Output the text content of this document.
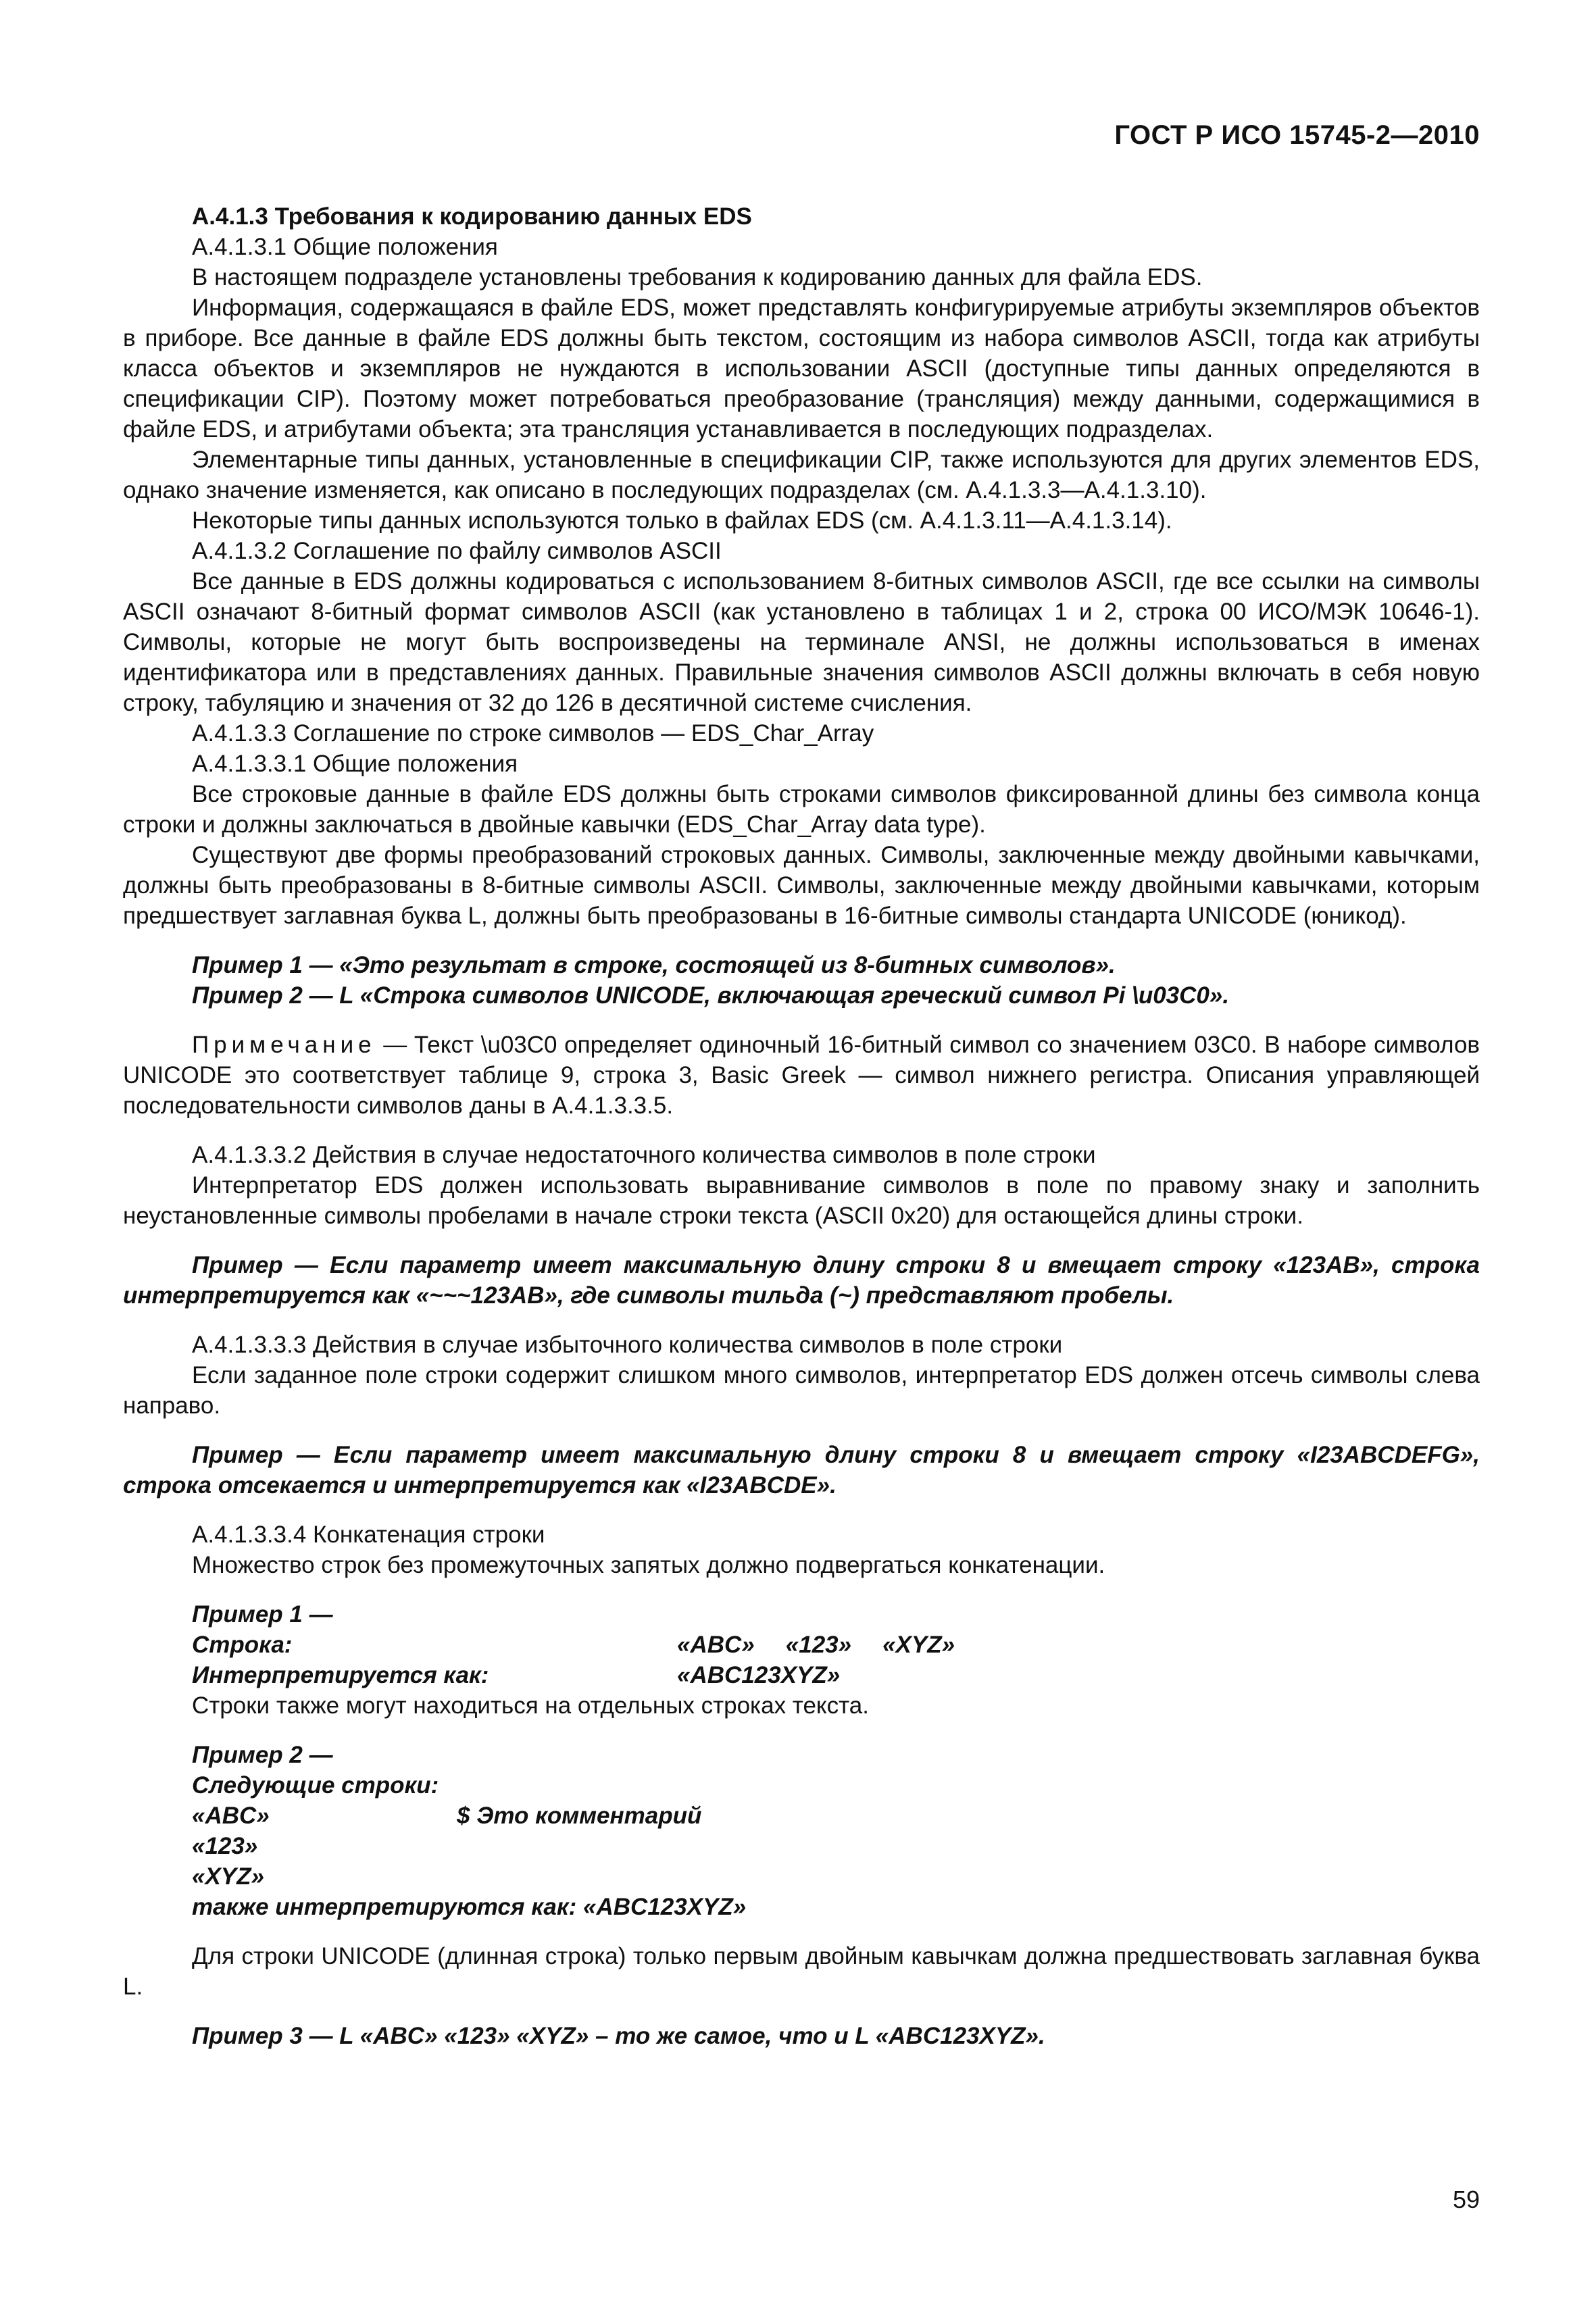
ГОСТ Р ИСО 15745-2—2010

А.4.1.3 Требования к кодированию данных EDS

А.4.1.3.1 Общие положения

В настоящем подразделе установлены требования к кодированию данных для файла EDS.

Информация, содержащаяся в файле EDS, может представлять конфигурируемые атрибуты экземпляров объектов в приборе. Все данные в файле EDS должны быть текстом, состоящим из набора символов ASCII, тогда как атрибуты класса объектов и экземпляров не нуждаются в использовании ASCII (доступные типы данных определяются в спецификации CIP). Поэтому может потребоваться преобразование (трансляция) между данными, содержащимися в файле EDS, и атрибутами объекта; эта трансляция устанавливается в последующих подразделах.

Элементарные типы данных, установленные в спецификации CIP, также используются для других элементов EDS, однако значение изменяется, как описано в последующих подразделах (см. А.4.1.3.3—А.4.1.3.10).

Некоторые типы данных используются только в файлах EDS (см. А.4.1.3.11—А.4.1.3.14).

А.4.1.3.2 Соглашение по файлу символов ASCII

Все данные в EDS должны кодироваться с использованием 8-битных символов ASCII, где все ссылки на символы ASCII означают 8-битный формат символов ASCII (как установлено в таблицах 1 и 2, строка 00 ИСО/МЭК 10646-1). Символы, которые не могут быть воспроизведены на терминале ANSI, не должны использоваться в именах идентификатора или в представлениях данных. Правильные значения символов ASCII должны включать в себя новую строку, табуляцию и значения от 32 до 126 в десятичной системе счисления.

А.4.1.3.3 Соглашение по строке символов — EDS_Char_Array

А.4.1.3.3.1 Общие положения

Все строковые данные в файле EDS должны быть строками символов фиксированной длины без символа конца строки и должны заключаться в двойные кавычки (EDS_Char_Array data type).

Существуют две формы преобразований строковых данных. Символы, заключенные между двойными кавычками, должны быть преобразованы в 8-битные символы ASCII. Символы, заключенные между двойными кавычками, которым предшествует заглавная буква L, должны быть преобразованы в 16-битные символы стандарта UNICODE (юникод).

Пример 1 — «Это результат в строке, состоящей из 8-битных символов».

Пример 2 — L «Строка символов UNICODE, включающая греческий символ Pi \u03C0».

Примечание — Текст \u03C0 определяет одиночный 16-битный символ со значением 03C0. В наборе символов UNICODE это соответствует таблице 9, строка 3, Basic Greek — символ нижнего регистра. Описания управляющей последовательности символов даны в А.4.1.3.3.5.

А.4.1.3.3.2 Действия в случае недостаточного количества символов в поле строки

Интерпретатор EDS должен использовать выравнивание символов в поле по правому знаку и заполнить неустановленные символы пробелами в начале строки текста (ASCII 0x20) для остающейся длины строки.

Пример — Если параметр имеет максимальную длину строки 8 и вмещает строку «123AB», строка интерпретируется как «~~~123AB», где символы тильда (~) представляют пробелы.

А.4.1.3.3.3 Действия в случае избыточного количества символов в поле строки

Если заданное поле строки содержит слишком много символов, интерпретатор EDS должен отсечь символы слева направо.

Пример — Если параметр имеет максимальную длину строки 8 и вмещает строку «I23ABCDEFG», строка отсекается и интерпретируется как «I23ABCDE».

А.4.1.3.3.4 Конкатенация строки

Множество строк без промежуточных запятых должно подвергаться конкатенации.

Пример 1 —
Строка:	«ABC» «123» «XYZ»
Интерпретируется как:	«ABC123XYZ»

Строки также могут находиться на отдельных строках текста.

Пример 2 —
Следующие строки:
«ABC»	$ Это комментарий
«123»
«XYZ»
также интерпретируются как: «ABC123XYZ»

Для строки UNICODE (длинная строка) только первым двойным кавычкам должна предшествовать заглавная буква L.

Пример 3 — L «ABC» «123» «XYZ» – то же самое, что и L «ABC123XYZ».

59
